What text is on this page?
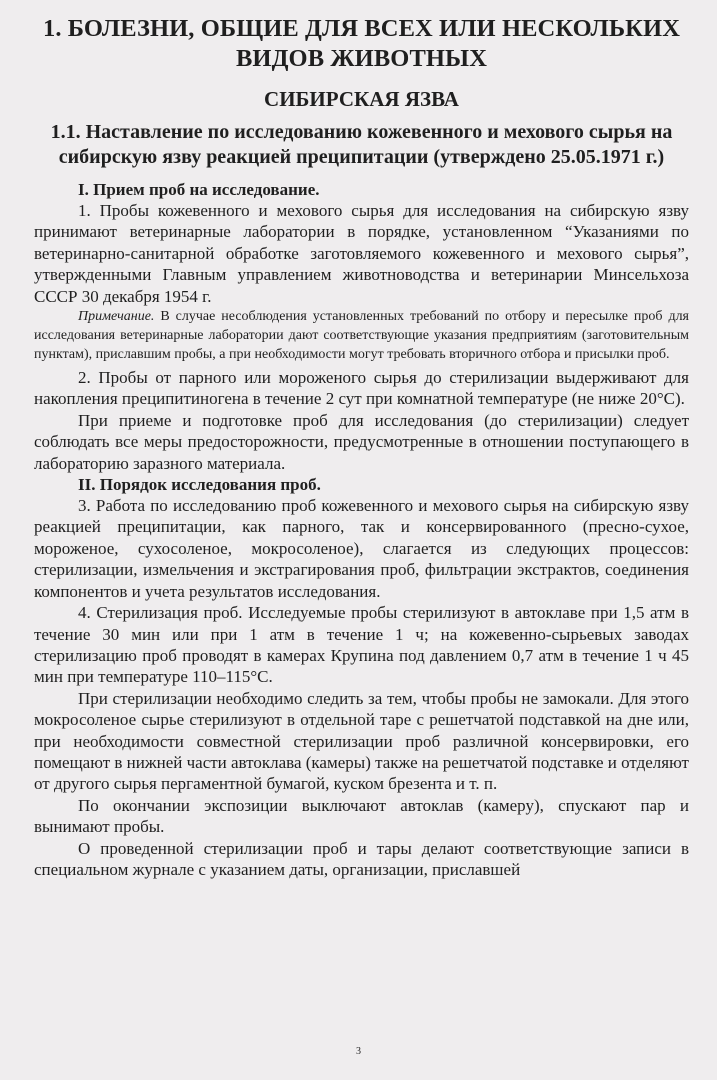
1. БОЛЕЗНИ, ОБЩИЕ ДЛЯ ВСЕХ ИЛИ НЕСКОЛЬКИХ ВИДОВ ЖИВОТНЫХ
СИБИРСКАЯ ЯЗВА
1.1. Наставление по исследованию кожевенного и мехового сырья на сибирскую язву реакцией преципитации (утверждено 25.05.1971 г.)
I. Прием проб на исследование.

1. Пробы кожевенного и мехового сырья для исследования на сибирскую язву принимают ветеринарные лаборатории в порядке, установленном “Указаниями по ветеринарно-санитарной обработке заготовляемого кожевенного и мехового сырья”, утвержденными Главным управлением животноводства и ветеринарии Минсельхоза СССР 30 декабря 1954 г.

Примечание. В случае несоблюдения установленных требований по отбору и пересылке проб для исследования ветеринарные лаборатории дают соответствующие указания предприятиям (заготовительным пунктам), приславшим пробы, а при необходимости могут требовать вторичного отбора и присылки проб.

2. Пробы от парного или мороженого сырья до стерилизации выдерживают для накопления преципитиногена в течение 2 сут при комнатной температуре (не ниже 20°С).

При приеме и подготовке проб для исследования (до стерилизации) следует соблюдать все меры предосторожности, предусмотренные в отношении поступающего в лабораторию заразного материала.

II. Порядок исследования проб.

3. Работа по исследованию проб кожевенного и мехового сырья на сибирскую язву реакцией преципитации, как парного, так и консервированного (пресно-сухое, мороженое, сухосоленое, мокросоленое), слагается из следующих процессов: стерилизации, измельчения и экстрагирования проб, фильтрации экстрактов, соединения компонентов и учета результатов исследования.

4. Стерилизация проб. Исследуемые пробы стерилизуют в автоклаве при 1,5 атм в течение 30 мин или при 1 атм в течение 1 ч; на кожевенно-сырьевых заводах стерилизацию проб проводят в камерах Крупина под давлением 0,7 атм в течение 1 ч 45 мин при температуре 110–115°С.

При стерилизации необходимо следить за тем, чтобы пробы не замокали. Для этого мокросоленое сырье стерилизуют в отдельной таре с решетчатой подставкой на дне или, при необходимости совместной стерилизации проб различной консервировки, его помещают в нижней части автоклава (камеры) также на решетчатой подставке и отделяют от другого сырья пергаментной бумагой, куском брезента и т. п.

По окончании экспозиции выключают автоклав (камеру), спускают пар и вынимают пробы.

О проведенной стерилизации проб и тары делают соответствующие записи в специальном журнале с указанием даты, организации, приславшей

3
